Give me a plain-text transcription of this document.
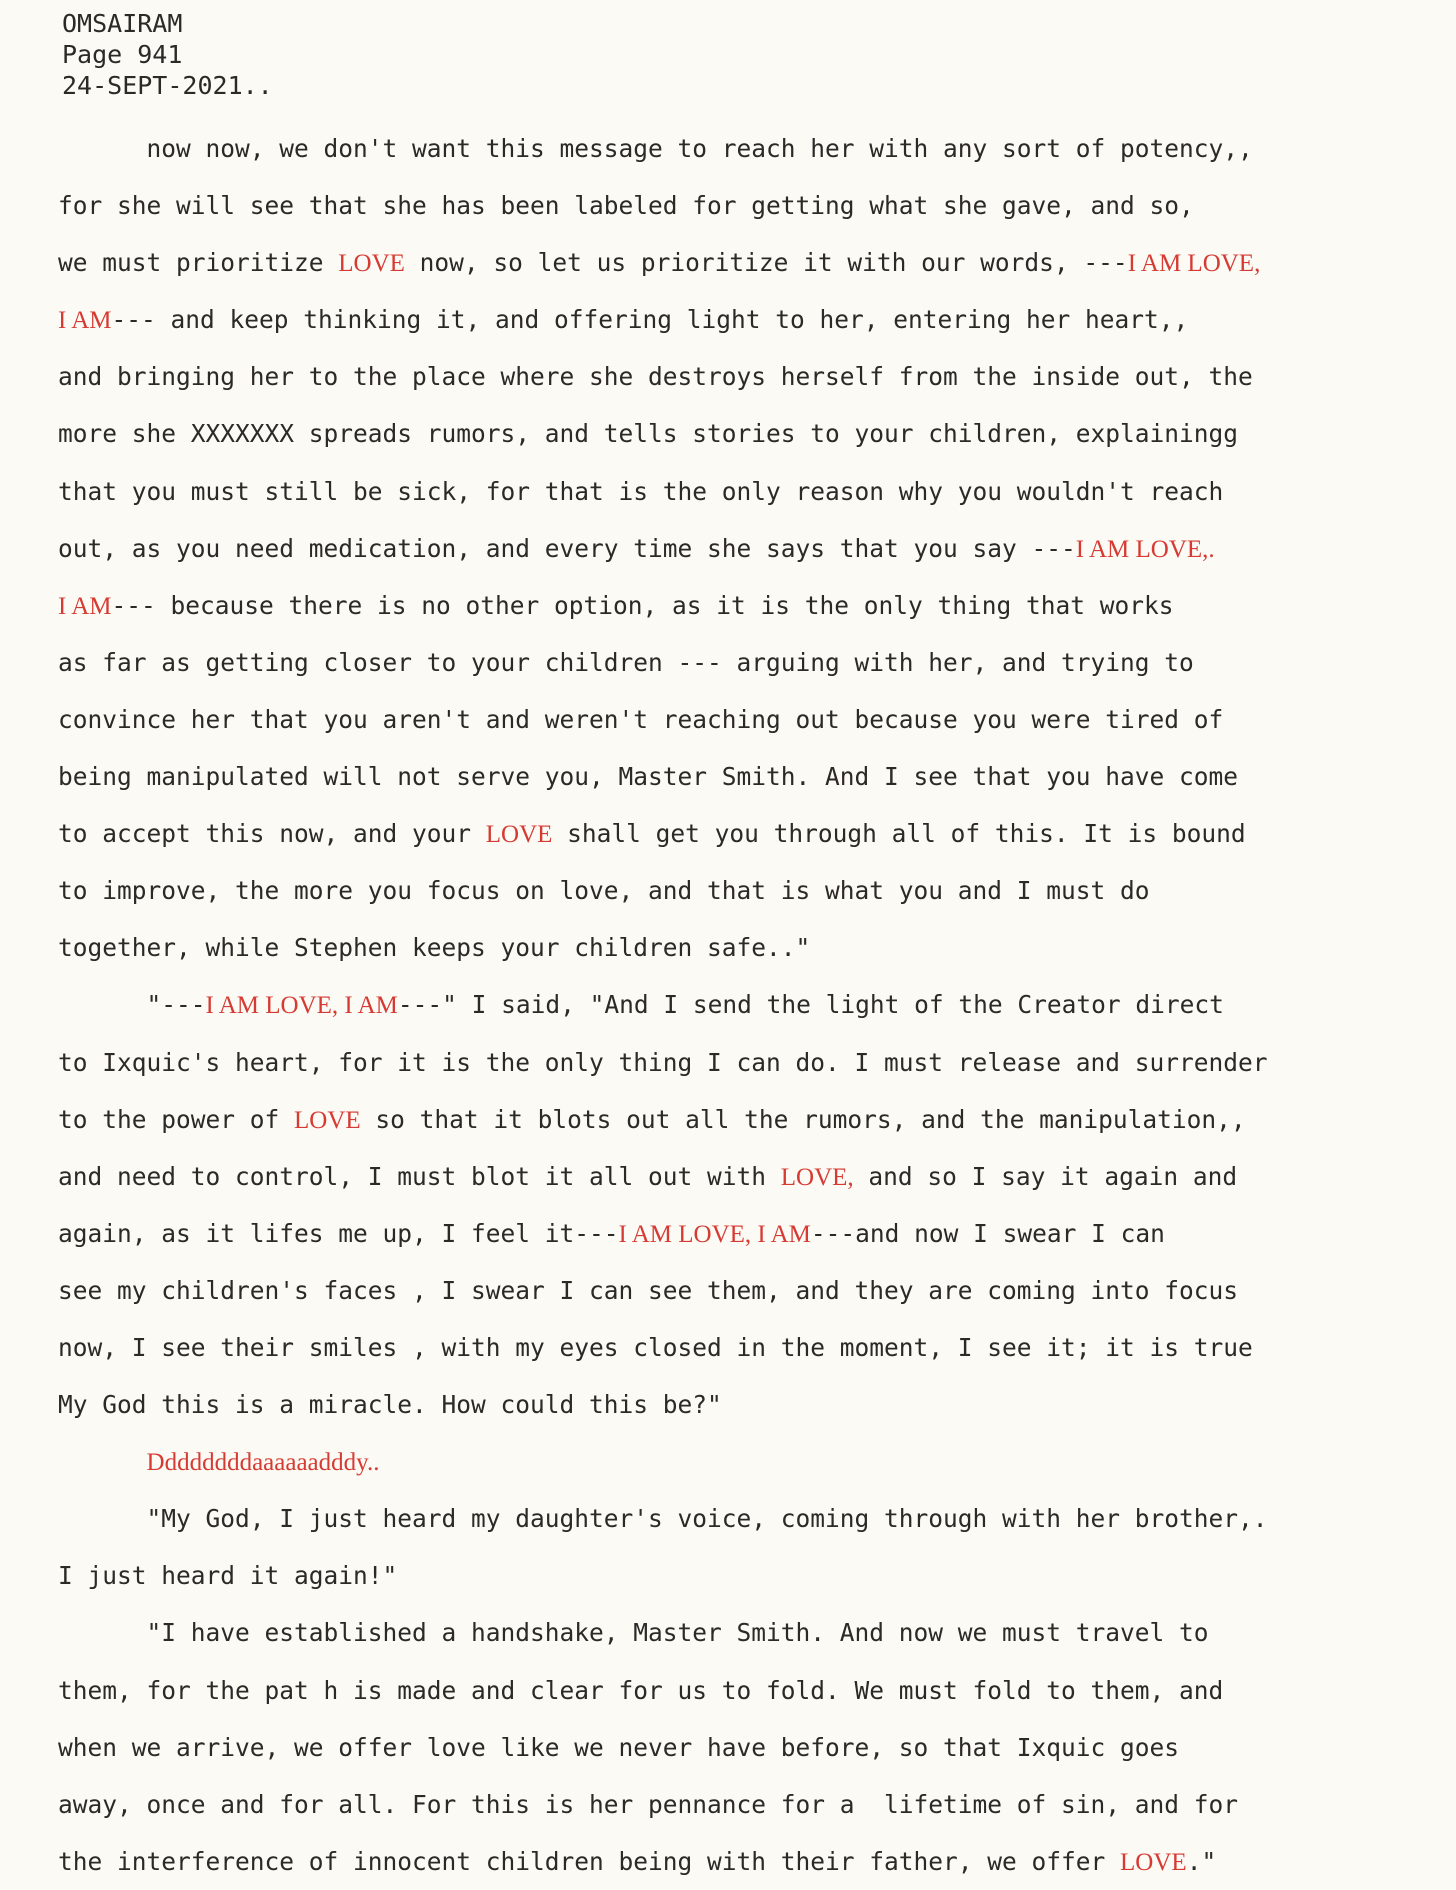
OMSAIRAM
Page 941
24-SEPT-2021..
now now, we don't want this message to reach her with any sort of potency,,
for she will see that she has been labeled for getting what she gave, and so,
we must prioritize LOVE now, so let us prioritize it with our words, ---I AM LOVE,
I AM--- and keep thinking it, and offering light to her, entering her heart,,
and bringing her to the place where she destroys herself from the inside out, the
more she XXXXXXX spreads rumors, and tells stories to your children, explainingg
that you must still be sick, for that is the only reason why you wouldn't reach
out, as you need medication, and every time she says that you say ---I AM LOVE,.
I AM--- because there is no other option, as it is the only thing that works
as far as getting closer to your children --- arguing with her, and trying to
convince her that you aren't and weren't reaching out because you were tired of
being manipulated will not serve you, Master Smith. And I see that you have come
to accept this now, and your LOVE shall get you through all of this. It is bound
to improve, the more you focus on love, and that is what you and I must do
together, while Stephen keeps your children safe.."
"---I AM LOVE, I AM---" I said, "And I send the light of the Creator direct
to Ixquic's heart, for it is the only thing I can do. I must release and surrender
to the power of LOVE so that it blots out all the rumors, and the manipulation,,
and need to control, I must blot it all out with LOVE, and so I say it again and
again, as it lifes me up, I feel it---I AM LOVE, I AM---and now I swear I can
see my children's faces , I swear I can see them, and they are coming into focus
now, I see their smiles , with my eyes closed in the moment, I see it; it is true
My God this is a miracle. How could this be?"
Ddddddddaaaaaadddy..
"My God, I just heard my daughter's voice, coming through with her brother,.
I just heard it again!"
"I have established a handshake, Master Smith. And now we must travel to
them, for the pat h is made and clear for us to fold. We must fold to them, and
when we arrive, we offer love like we never have before, so that Ixquic goes
away, once and for all. For this is her pennance for a  lifetime of sin, and for
the interference of innocent children being with their father, we offer LOVE."
